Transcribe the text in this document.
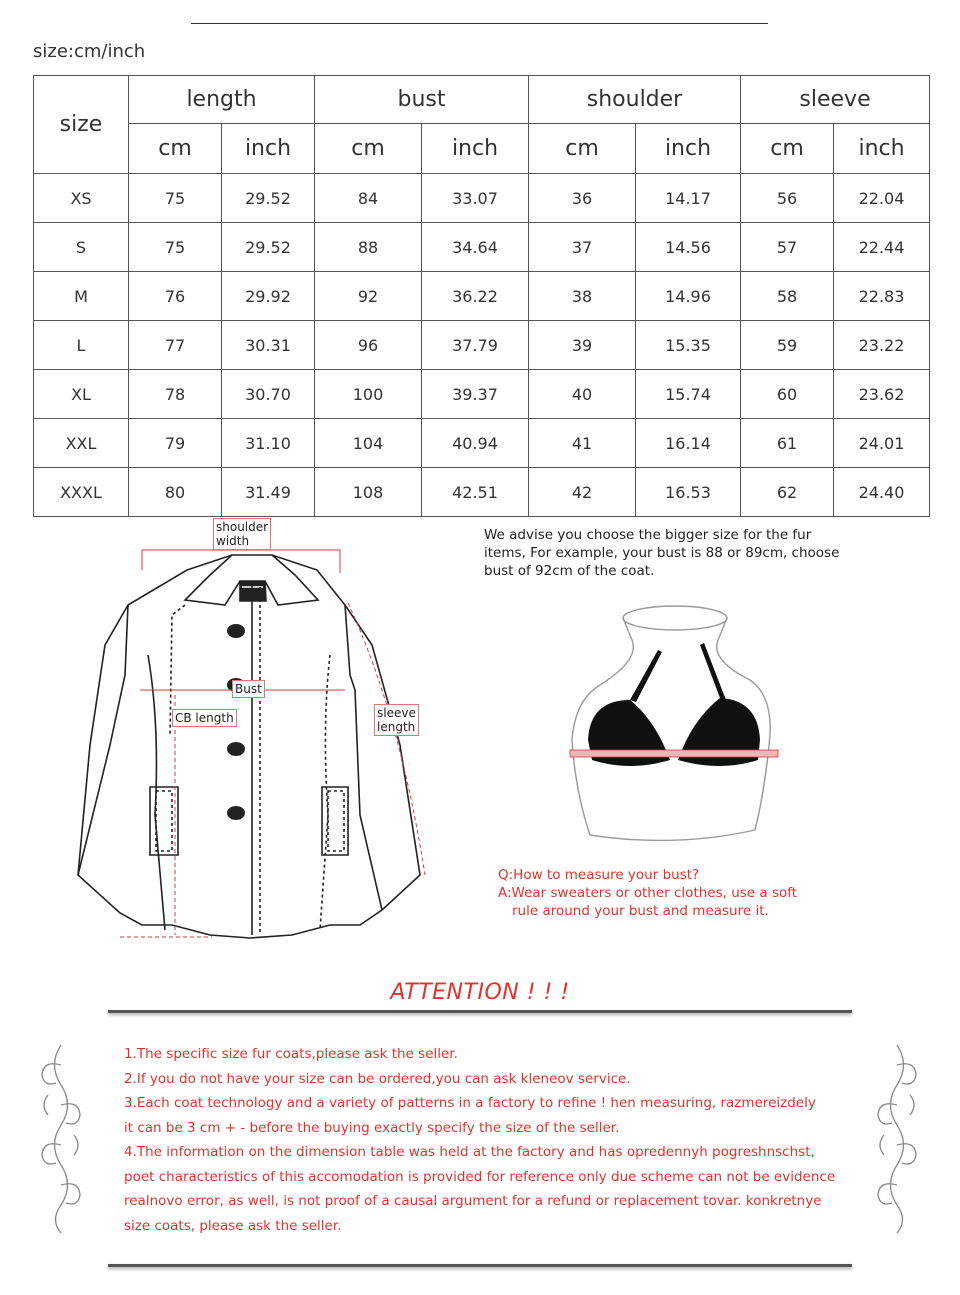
size:cm/inch
size	length		bust		shoulder		sleeve	
	cm	inch	cm	inch	cm	inch	cm	inch
XS	75	29.52	84	33.07	36	14.17	56	22.04
S	75	29.52	88	34.64	37	14.56	57	22.44
M	76	29.92	92	36.22	38	14.96	58	22.83
L	77	30.31	96	37.79	39	15.35	59	23.22
XL	78	30.70	100	39.37	40	15.74	60	23.62
XXL	79	31.10	104	40.94	41	16.14	61	24.01
XXXL	80	31.49	108	42.51	42	16.53	62	24.40
shoulder
width
Bust
CB length	sleeve
length
We advise you choose the bigger size for the fur items, For example, your bust is 88 or 89cm, choose bust of 92cm of the coat.
Q:How to measure your bust?
A:Wear sweaters or other clothes, use a soft
rule around your bust and measure it.
ATTENTION ! ! !
1.The specific size fur coats,please ask the seller.
2.If you do not have your size can be ordered,you can ask kleneov service.
3.Each coat technology and a variety of patterns in a factory to refine ! hen measuring, razmereizdely
it can be 3 cm + - before the buying exactly specify the size of the seller.
4.The information on the dimension table was held at the factory and has opredennyh pogreshnschst,
poet characteristics of this accomodation is provided for reference only due scheme can not be evidence
realnovo error, as well, is not proof of a causal argument for a refund or replacement tovar. konkretnye
size coats, please ask the seller.
